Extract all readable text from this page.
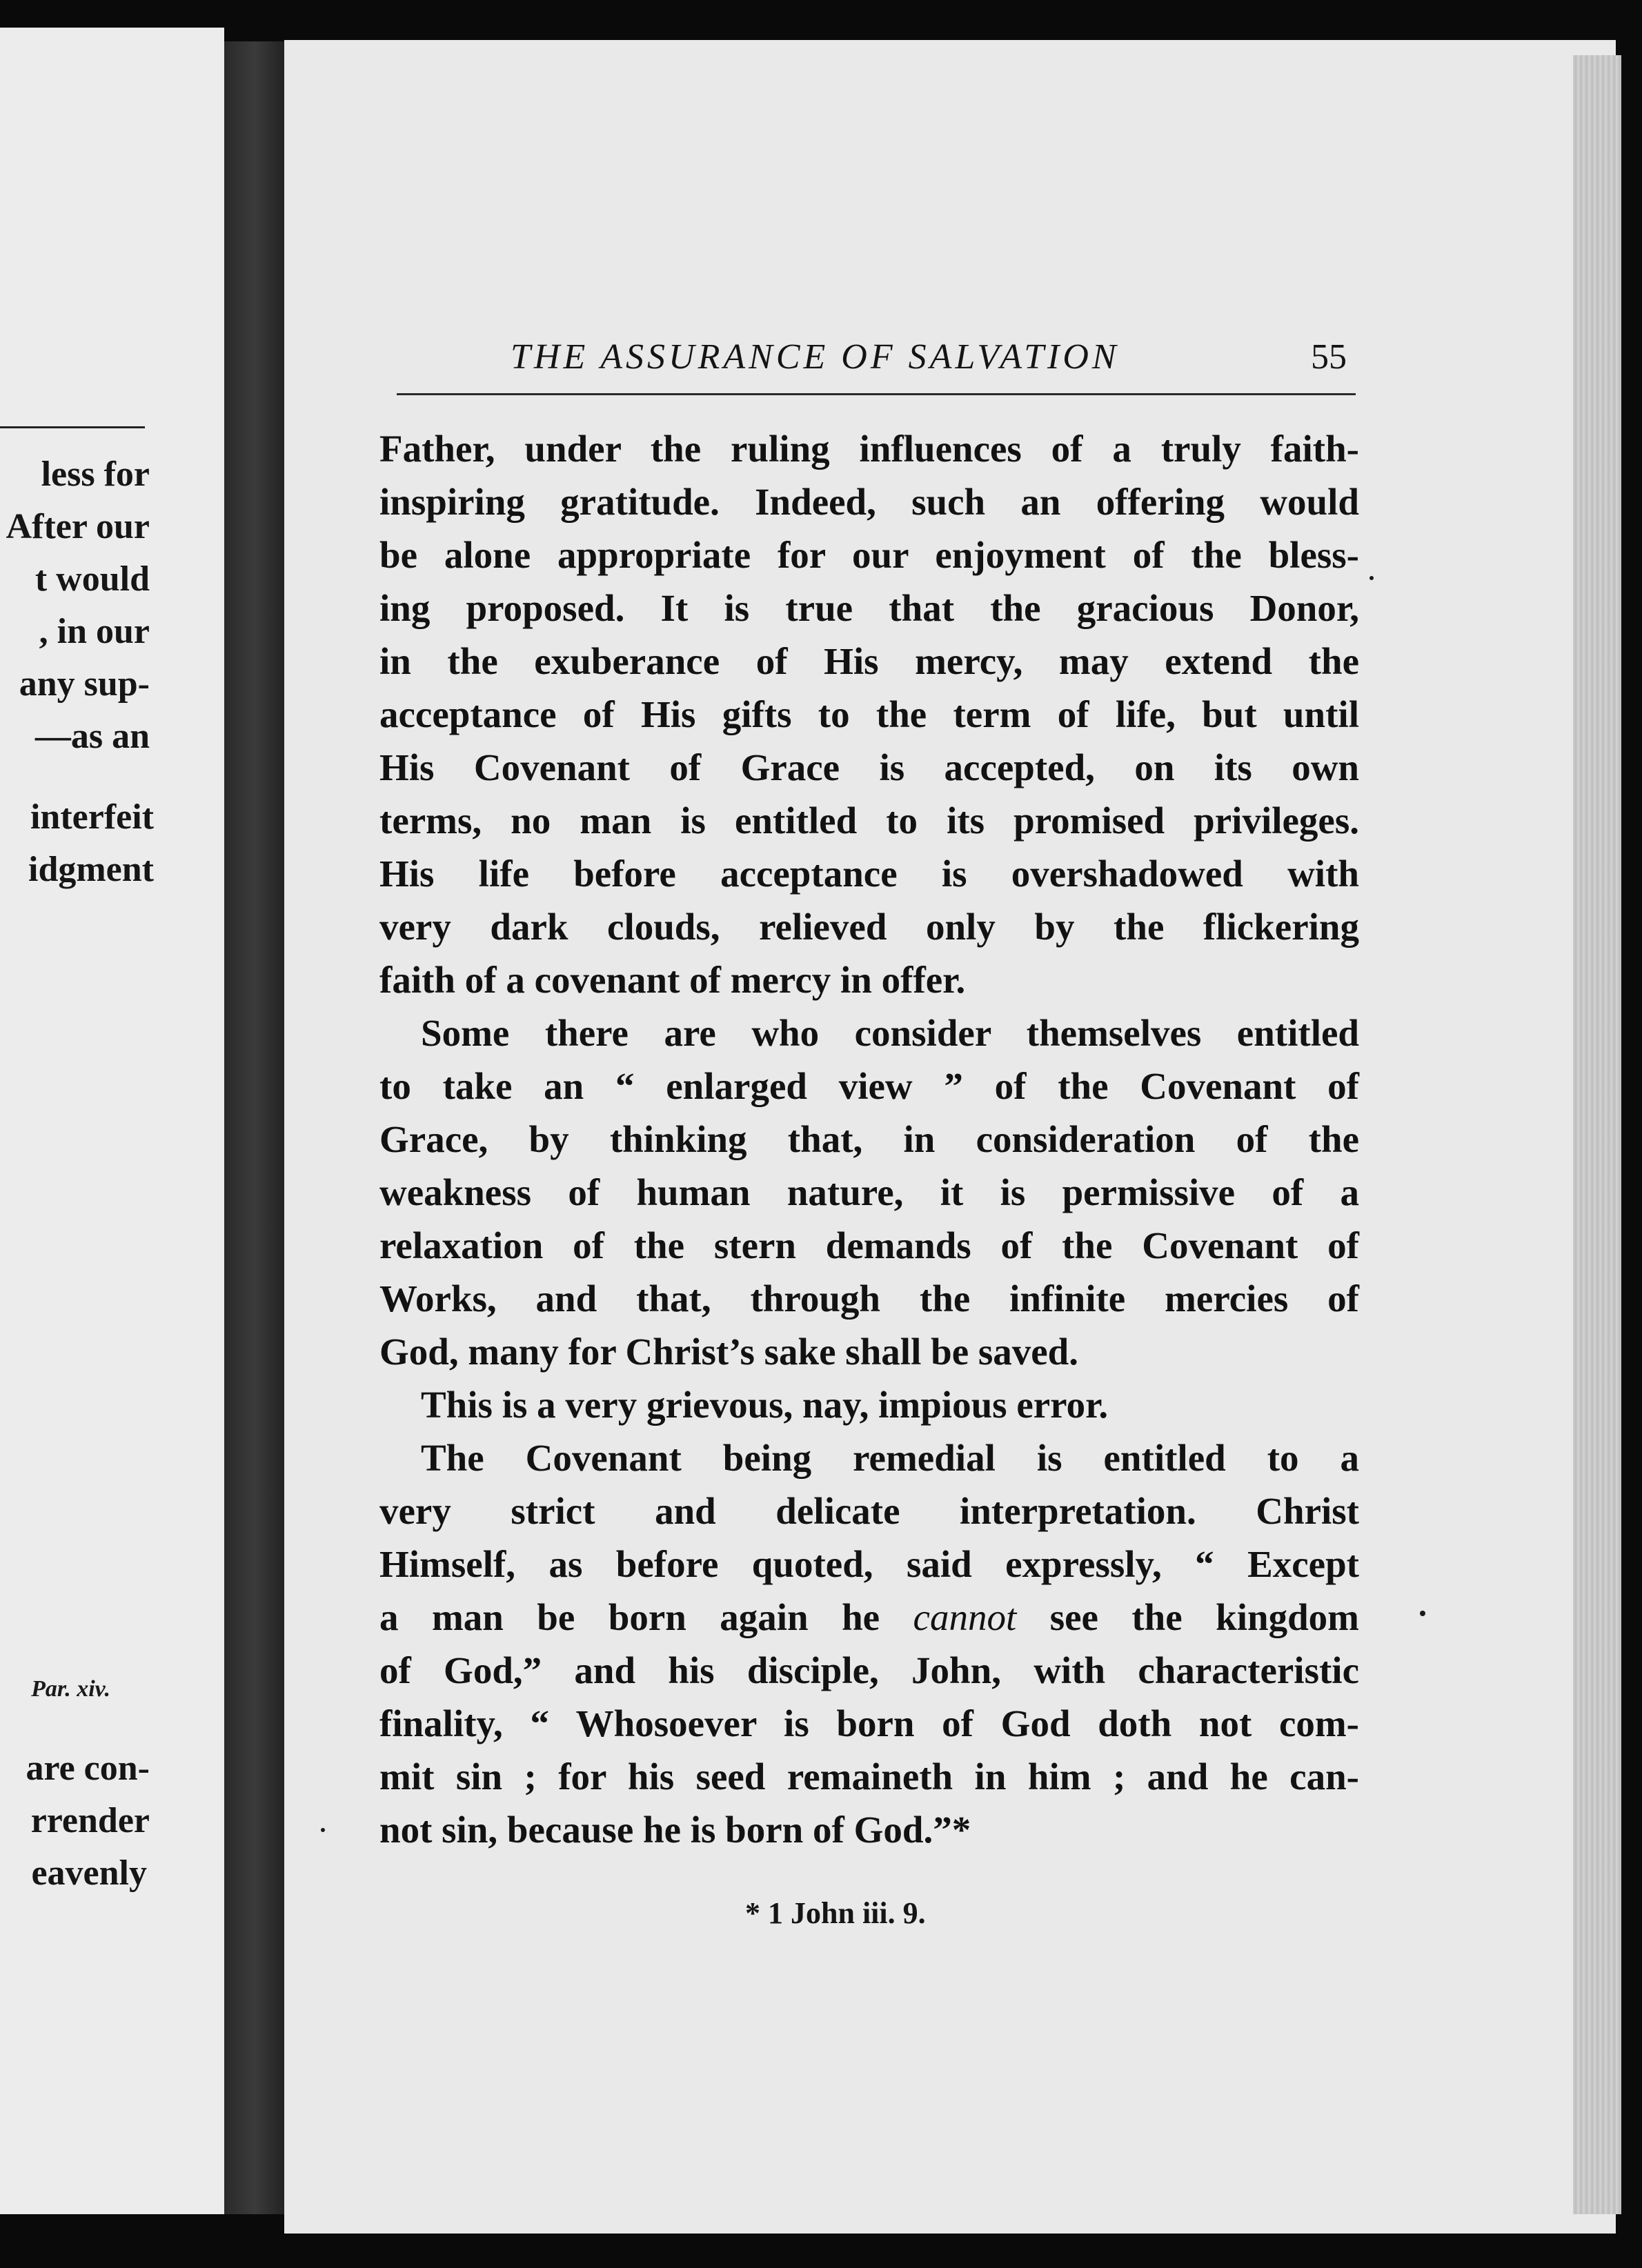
less for
After our
t would
, in our
any sup-
—as an
interfeit
idgment
Par. xiv.
are con-
rrender
eavenly
THE ASSURANCE OF SALVATION	55
Father, under the ruling influences of a truly faith-
inspiring gratitude. Indeed, such an offering would
be alone appropriate for our enjoyment of the bless-
ing proposed. It is true that the gracious Donor,
in the exuberance of His mercy, may extend the
acceptance of His gifts to the term of life, but until
His Covenant of Grace is accepted, on its own
terms, no man is entitled to its promised privileges.
His life before acceptance is overshadowed with
very dark clouds, relieved only by the flickering
faith of a covenant of mercy in offer.
Some there are who consider themselves entitled
to take an “ enlarged view ” of the Covenant of
Grace, by thinking that, in consideration of the
weakness of human nature, it is permissive of a
relaxation of the stern demands of the Covenant of
Works, and that, through the infinite mercies of
God, many for Christ’s sake shall be saved.
This is a very grievous, nay, impious error.
The Covenant being remedial is entitled to a
very strict and delicate interpretation. Christ
Himself, as before quoted, said expressly, “ Except
a man be born again he cannot see the kingdom
of God,” and his disciple, John, with characteristic
finality, “ Whosoever is born of God doth not com-
mit sin ; for his seed remaineth in him ; and he can-
not sin, because he is born of God.”*
* 1 John iii. 9.
